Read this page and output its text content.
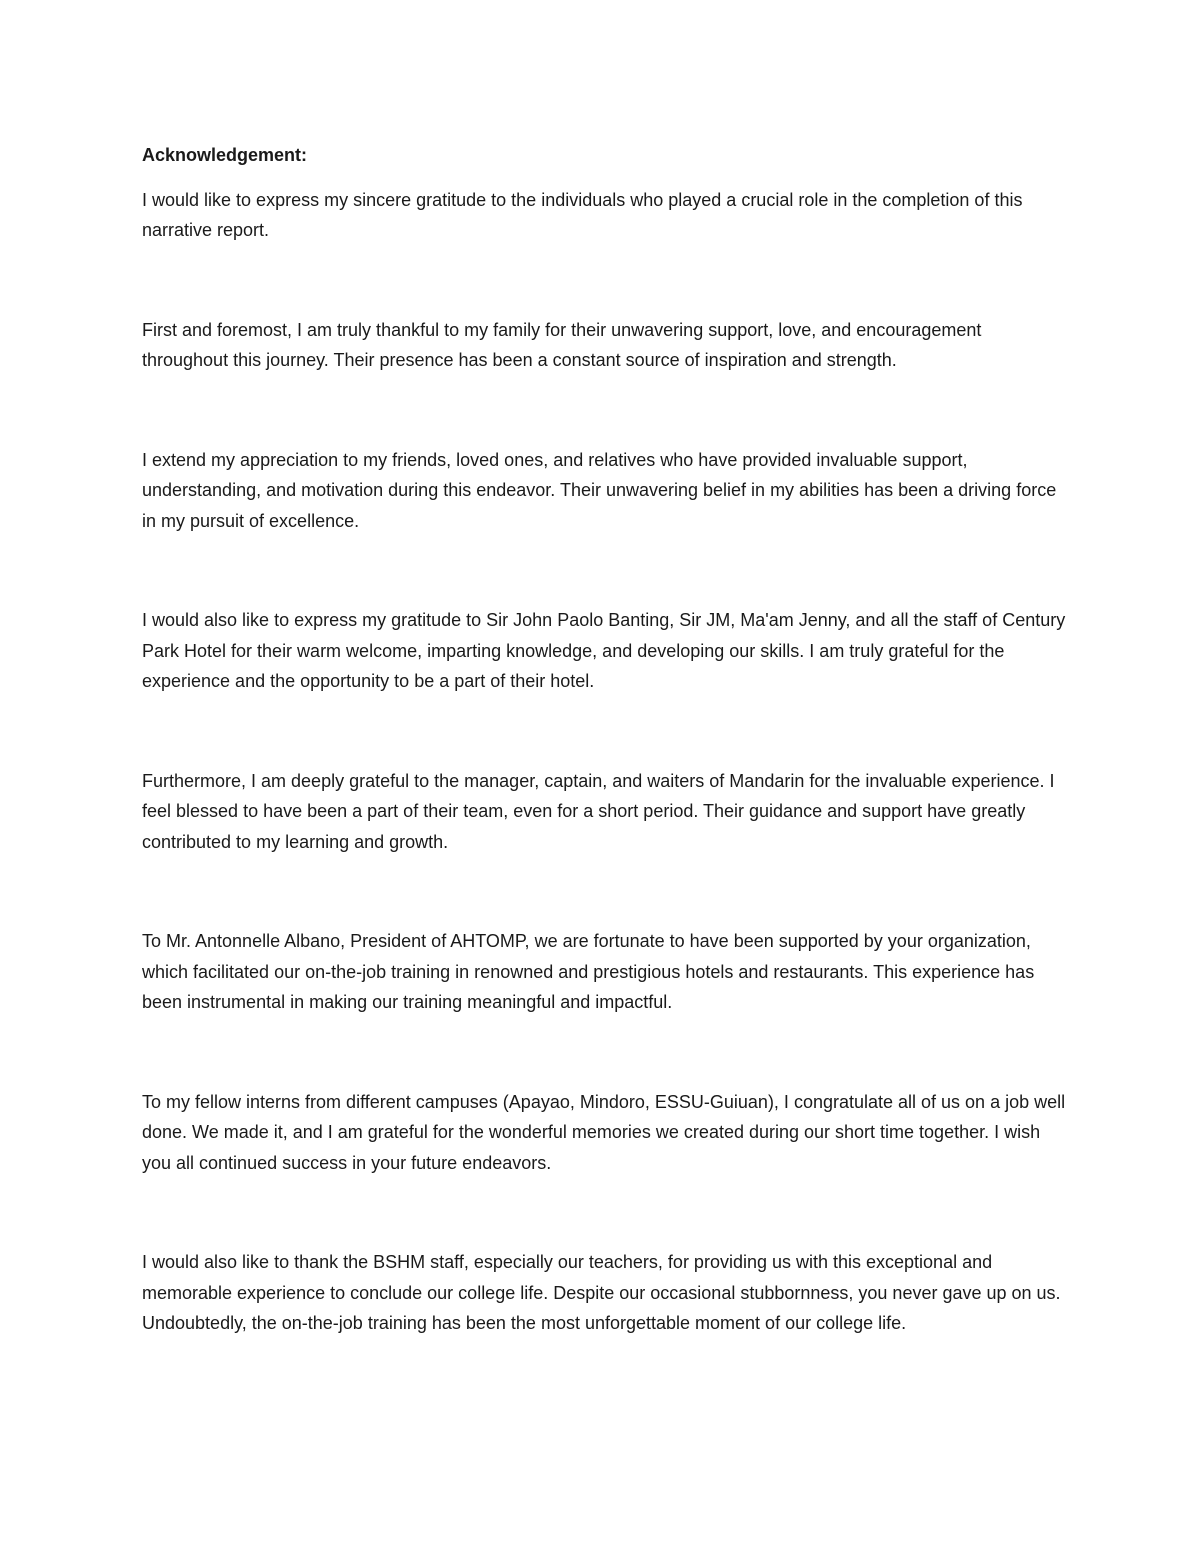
Acknowledgement:

I would like to express my sincere gratitude to the individuals who played a crucial role in the completion of this narrative report.

First and foremost, I am truly thankful to my family for their unwavering support, love, and encouragement throughout this journey. Their presence has been a constant source of inspiration and strength.

I extend my appreciation to my friends, loved ones, and relatives who have provided invaluable support, understanding, and motivation during this endeavor. Their unwavering belief in my abilities has been a driving force in my pursuit of excellence.

I would also like to express my gratitude to Sir John Paolo Banting, Sir JM, Ma'am Jenny, and all the staff of Century Park Hotel for their warm welcome, imparting knowledge, and developing our skills. I am truly grateful for the experience and the opportunity to be a part of their hotel.

Furthermore, I am deeply grateful to the manager, captain, and waiters of Mandarin for the invaluable experience. I feel blessed to have been a part of their team, even for a short period. Their guidance and support have greatly contributed to my learning and growth.

To Mr. Antonnelle Albano, President of AHTOMP, we are fortunate to have been supported by your organization, which facilitated our on-the-job training in renowned and prestigious hotels and restaurants. This experience has been instrumental in making our training meaningful and impactful.

To my fellow interns from different campuses (Apayao, Mindoro, ESSU-Guiuan), I congratulate all of us on a job well done. We made it, and I am grateful for the wonderful memories we created during our short time together. I wish you all continued success in your future endeavors.

I would also like to thank the BSHM staff, especially our teachers, for providing us with this exceptional and memorable experience to conclude our college life. Despite our occasional stubbornness, you never gave up on us. Undoubtedly, the on-the-job training has been the most unforgettable moment of our college life.
